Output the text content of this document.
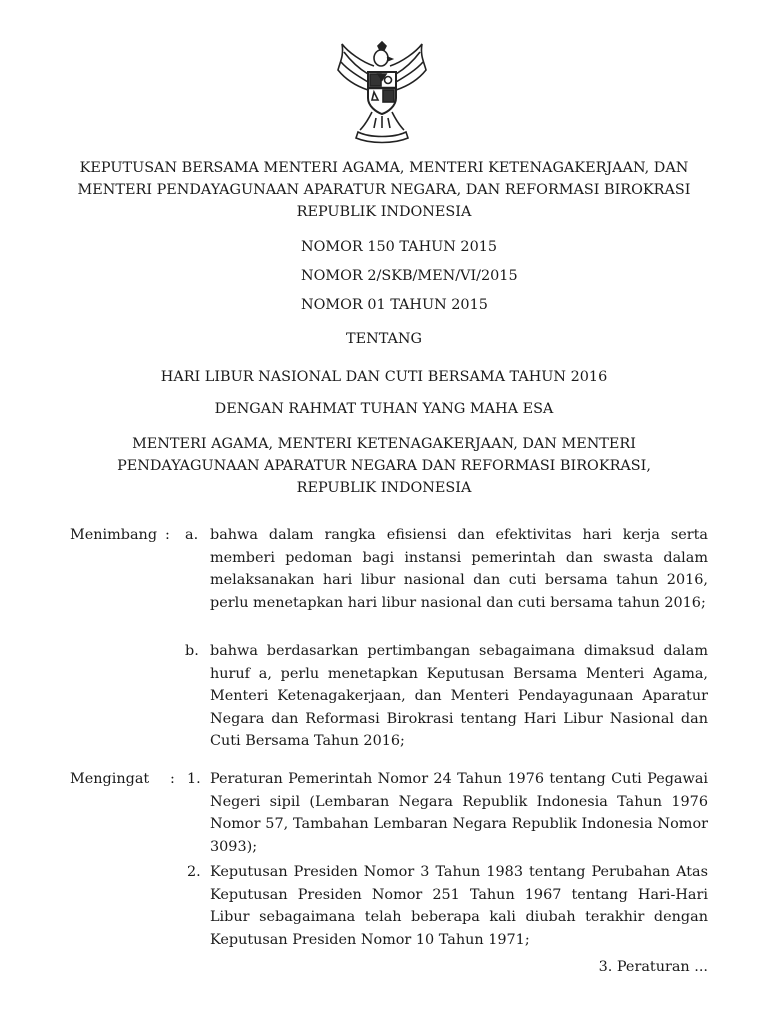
KEPUTUSAN BERSAMA MENTERI AGAMA, MENTERI KETENAGAKERJAAN, DAN
MENTERI PENDAYAGUNAAN APARATUR NEGARA, DAN REFORMASI BIROKRASI
REPUBLIK INDONESIA
NOMOR 150 TAHUN 2015
NOMOR 2/SKB/MEN/VI/2015
NOMOR 01 TAHUN 2015
TENTANG
HARI LIBUR NASIONAL DAN CUTI BERSAMA TAHUN 2016
DENGAN RAHMAT TUHAN YANG MAHA ESA
MENTERI AGAMA, MENTERI KETENAGAKERJAAN, DAN MENTERI
PENDAYAGUNAAN APARATUR NEGARA DAN REFORMASI BIROKRASI,
REPUBLIK INDONESIA
Menimbang : a. bahwa dalam rangka efisiensi dan efektivitas hari kerja serta memberi pedoman bagi instansi pemerintah dan swasta dalam melaksanakan hari libur nasional dan cuti bersama tahun 2016, perlu menetapkan hari libur nasional dan cuti bersama tahun 2016;

b. bahwa berdasarkan pertimbangan sebagaimana dimaksud dalam huruf a, perlu menetapkan Keputusan Bersama Menteri Agama, Menteri Ketenagakerjaan, dan Menteri Pendayagunaan Aparatur Negara dan Reformasi Birokrasi tentang Hari Libur Nasional dan Cuti Bersama Tahun 2016;

Mengingat : 1. Peraturan Pemerintah Nomor 24 Tahun 1976 tentang Cuti Pegawai Negeri sipil (Lembaran Negara Republik Indonesia Tahun 1976 Nomor 57, Tambahan Lembaran Negara Republik Indonesia Nomor 3093);

2. Keputusan Presiden Nomor 3 Tahun 1983 tentang Perubahan Atas Keputusan Presiden Nomor 251 Tahun 1967 tentang Hari-Hari Libur sebagaimana telah beberapa kali diubah terakhir dengan Keputusan Presiden Nomor 10 Tahun 1971;

3. Peraturan ...
